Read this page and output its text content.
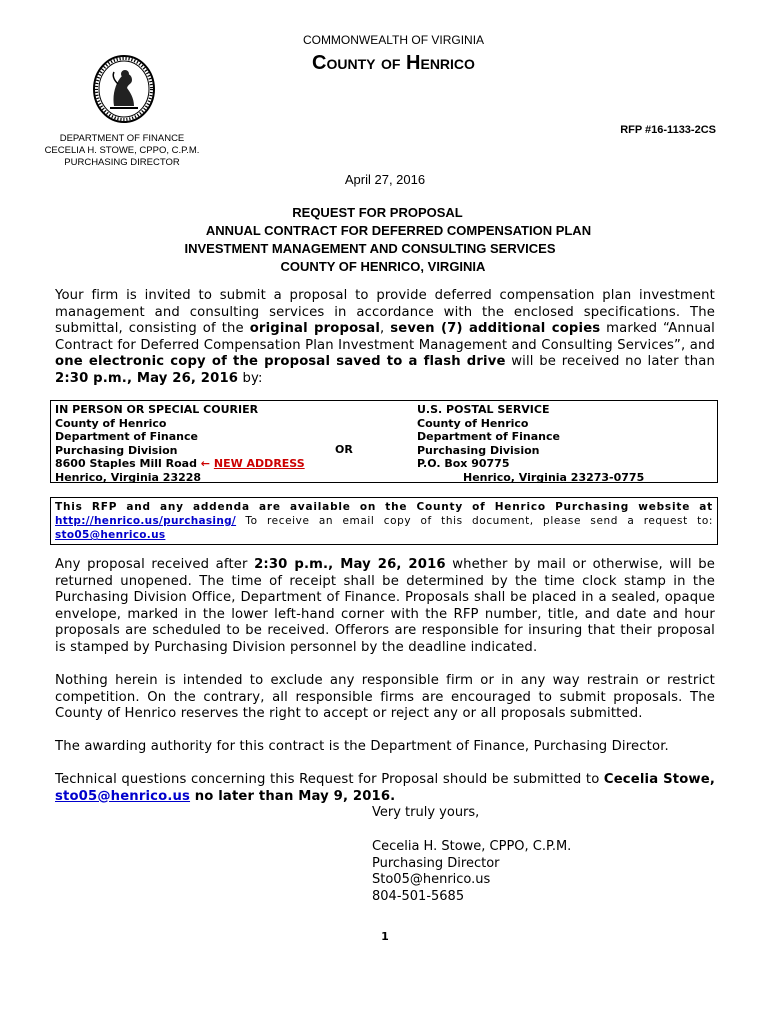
COMMONWEALTH OF VIRGINIA
County of Henrico
RFP #16-1133-2CS
DEPARTMENT OF FINANCE
CECELIA H. STOWE, CPPO, C.P.M.
PURCHASING DIRECTOR
April 27, 2016
REQUEST FOR PROPOSAL
ANNUAL CONTRACT FOR DEFERRED COMPENSATION PLAN
INVESTMENT MANAGEMENT AND CONSULTING SERVICES
COUNTY OF HENRICO, VIRGINIA
Your firm is invited to submit a proposal to provide deferred compensation plan investment management and consulting services in accordance with the enclosed specifications. The submittal, consisting of the original proposal, seven (7) additional copies marked “Annual Contract for Deferred Compensation Plan Investment Management and Consulting Services”, and one electronic copy of the proposal saved to a flash drive will be received no later than 2:30 p.m., May 26, 2016 by:
IN PERSON OR SPECIAL COURIER
County of Henrico
Department of Finance
Purchasing Division
8600 Staples Mill Road ← NEW ADDRESS
Henrico, Virginia 23228
	OR	
U.S. POSTAL SERVICE
County of Henrico
Department of Finance
Purchasing Division
P.O. Box 90775
Henrico, Virginia 23273-0775
This RFP and any addenda are available on the County of Henrico Purchasing website at http://henrico.us/purchasing/ To receive an email copy of this document, please send a request to: sto05@henrico.us
Any proposal received after 2:30 p.m., May 26, 2016 whether by mail or otherwise, will be returned unopened. The time of receipt shall be determined by the time clock stamp in the Purchasing Division Office, Department of Finance. Proposals shall be placed in a sealed, opaque envelope, marked in the lower left-hand corner with the RFP number, title, and date and hour proposals are scheduled to be received. Offerors are responsible for insuring that their proposal is stamped by Purchasing Division personnel by the deadline indicated.
Nothing herein is intended to exclude any responsible firm or in any way restrain or restrict competition. On the contrary, all responsible firms are encouraged to submit proposals. The County of Henrico reserves the right to accept or reject any or all proposals submitted.
The awarding authority for this contract is the Department of Finance, Purchasing Director.
Technical questions concerning this Request for Proposal should be submitted to Cecelia Stowe, sto05@henrico.us no later than May 9, 2016.
Very truly yours,
Cecelia H. Stowe, CPPO, C.P.M.
Purchasing Director
Sto05@henrico.us
804-501-5685
1
